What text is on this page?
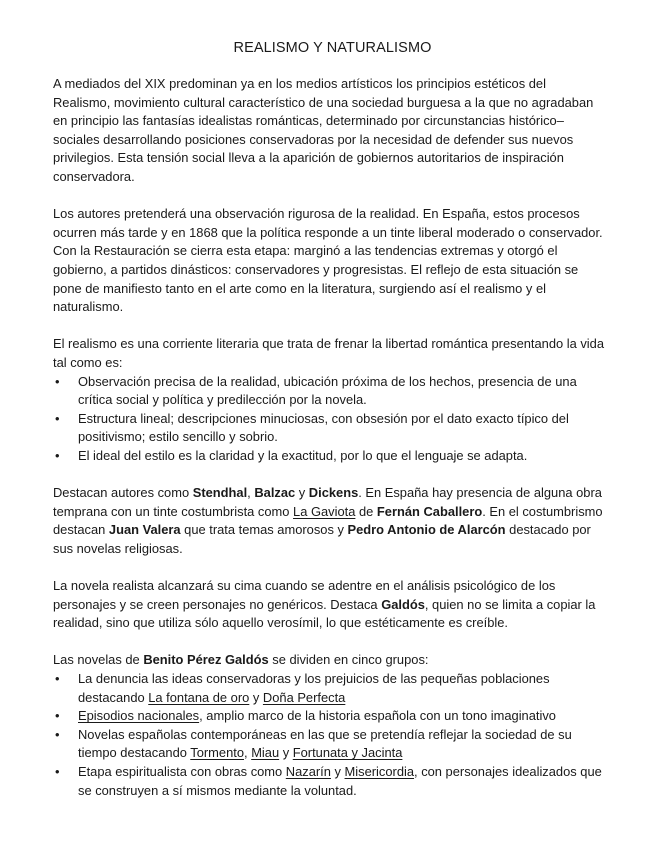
REALISMO Y NATURALISMO

A mediados del XIX predominan ya en los medios artísticos los principios estéticos del Realismo, movimiento cultural característico de una sociedad burguesa a la que no agradaban en principio las fantasías idealistas románticas, determinado por circunstancias histórico–sociales desarrollando posiciones conservadoras por la necesidad de defender sus nuevos privilegios. Esta tensión social lleva a la aparición de gobiernos autoritarios de inspiración conservadora.

Los autores pretenderá una observación rigurosa de la realidad. En España, estos procesos ocurren más tarde y en 1868 que la política responde a un tinte liberal moderado o conservador. Con la Restauración se cierra esta etapa: marginó a las tendencias extremas y otorgó el gobierno, a partidos dinásticos: conservadores y progresistas. El reflejo de esta situación se pone de manifiesto tanto en el arte como en la literatura, surgiendo así el realismo y el naturalismo.

El realismo es una corriente literaria que trata de frenar la libertad romántica presentando la vida tal como es:

• Observación precisa de la realidad, ubicación próxima de los hechos, presencia de una crítica social y política y predilección por la novela.
• Estructura lineal; descripciones minuciosas, con obsesión por el dato exacto típico del positivismo; estilo sencillo y sobrio.
• El ideal del estilo es la claridad y la exactitud, por lo que el lenguaje se adapta.

Destacan autores como Stendhal, Balzac y Dickens. En España hay presencia de alguna obra temprana con un tinte costumbrista como La Gaviota de Fernán Caballero. En el costumbrismo destacan Juan Valera que trata temas amorosos y Pedro Antonio de Alarcón destacado por sus novelas religiosas.

La novela realista alcanzará su cima cuando se adentre en el análisis psicológico de los personajes y se creen personajes no genéricos. Destaca Galdós, quien no se limita a copiar la realidad, sino que utiliza sólo aquello verosímil, lo que estéticamente es creíble.

Las novelas de Benito Pérez Galdós se dividen en cinco grupos:

• La denuncia las ideas conservadoras y los prejuicios de las pequeñas poblaciones destacando La fontana de oro y Doña Perfecta
• Episodios nacionales, amplio marco de la historia española con un tono imaginativo
• Novelas españolas contemporáneas en las que se pretendía reflejar la sociedad de su tiempo destacando Tormento, Miau y Fortunata y Jacinta
• Etapa espiritualista con obras como Nazarín y Misericordia, con personajes idealizados que se construyen a sí mismos mediante la voluntad.
